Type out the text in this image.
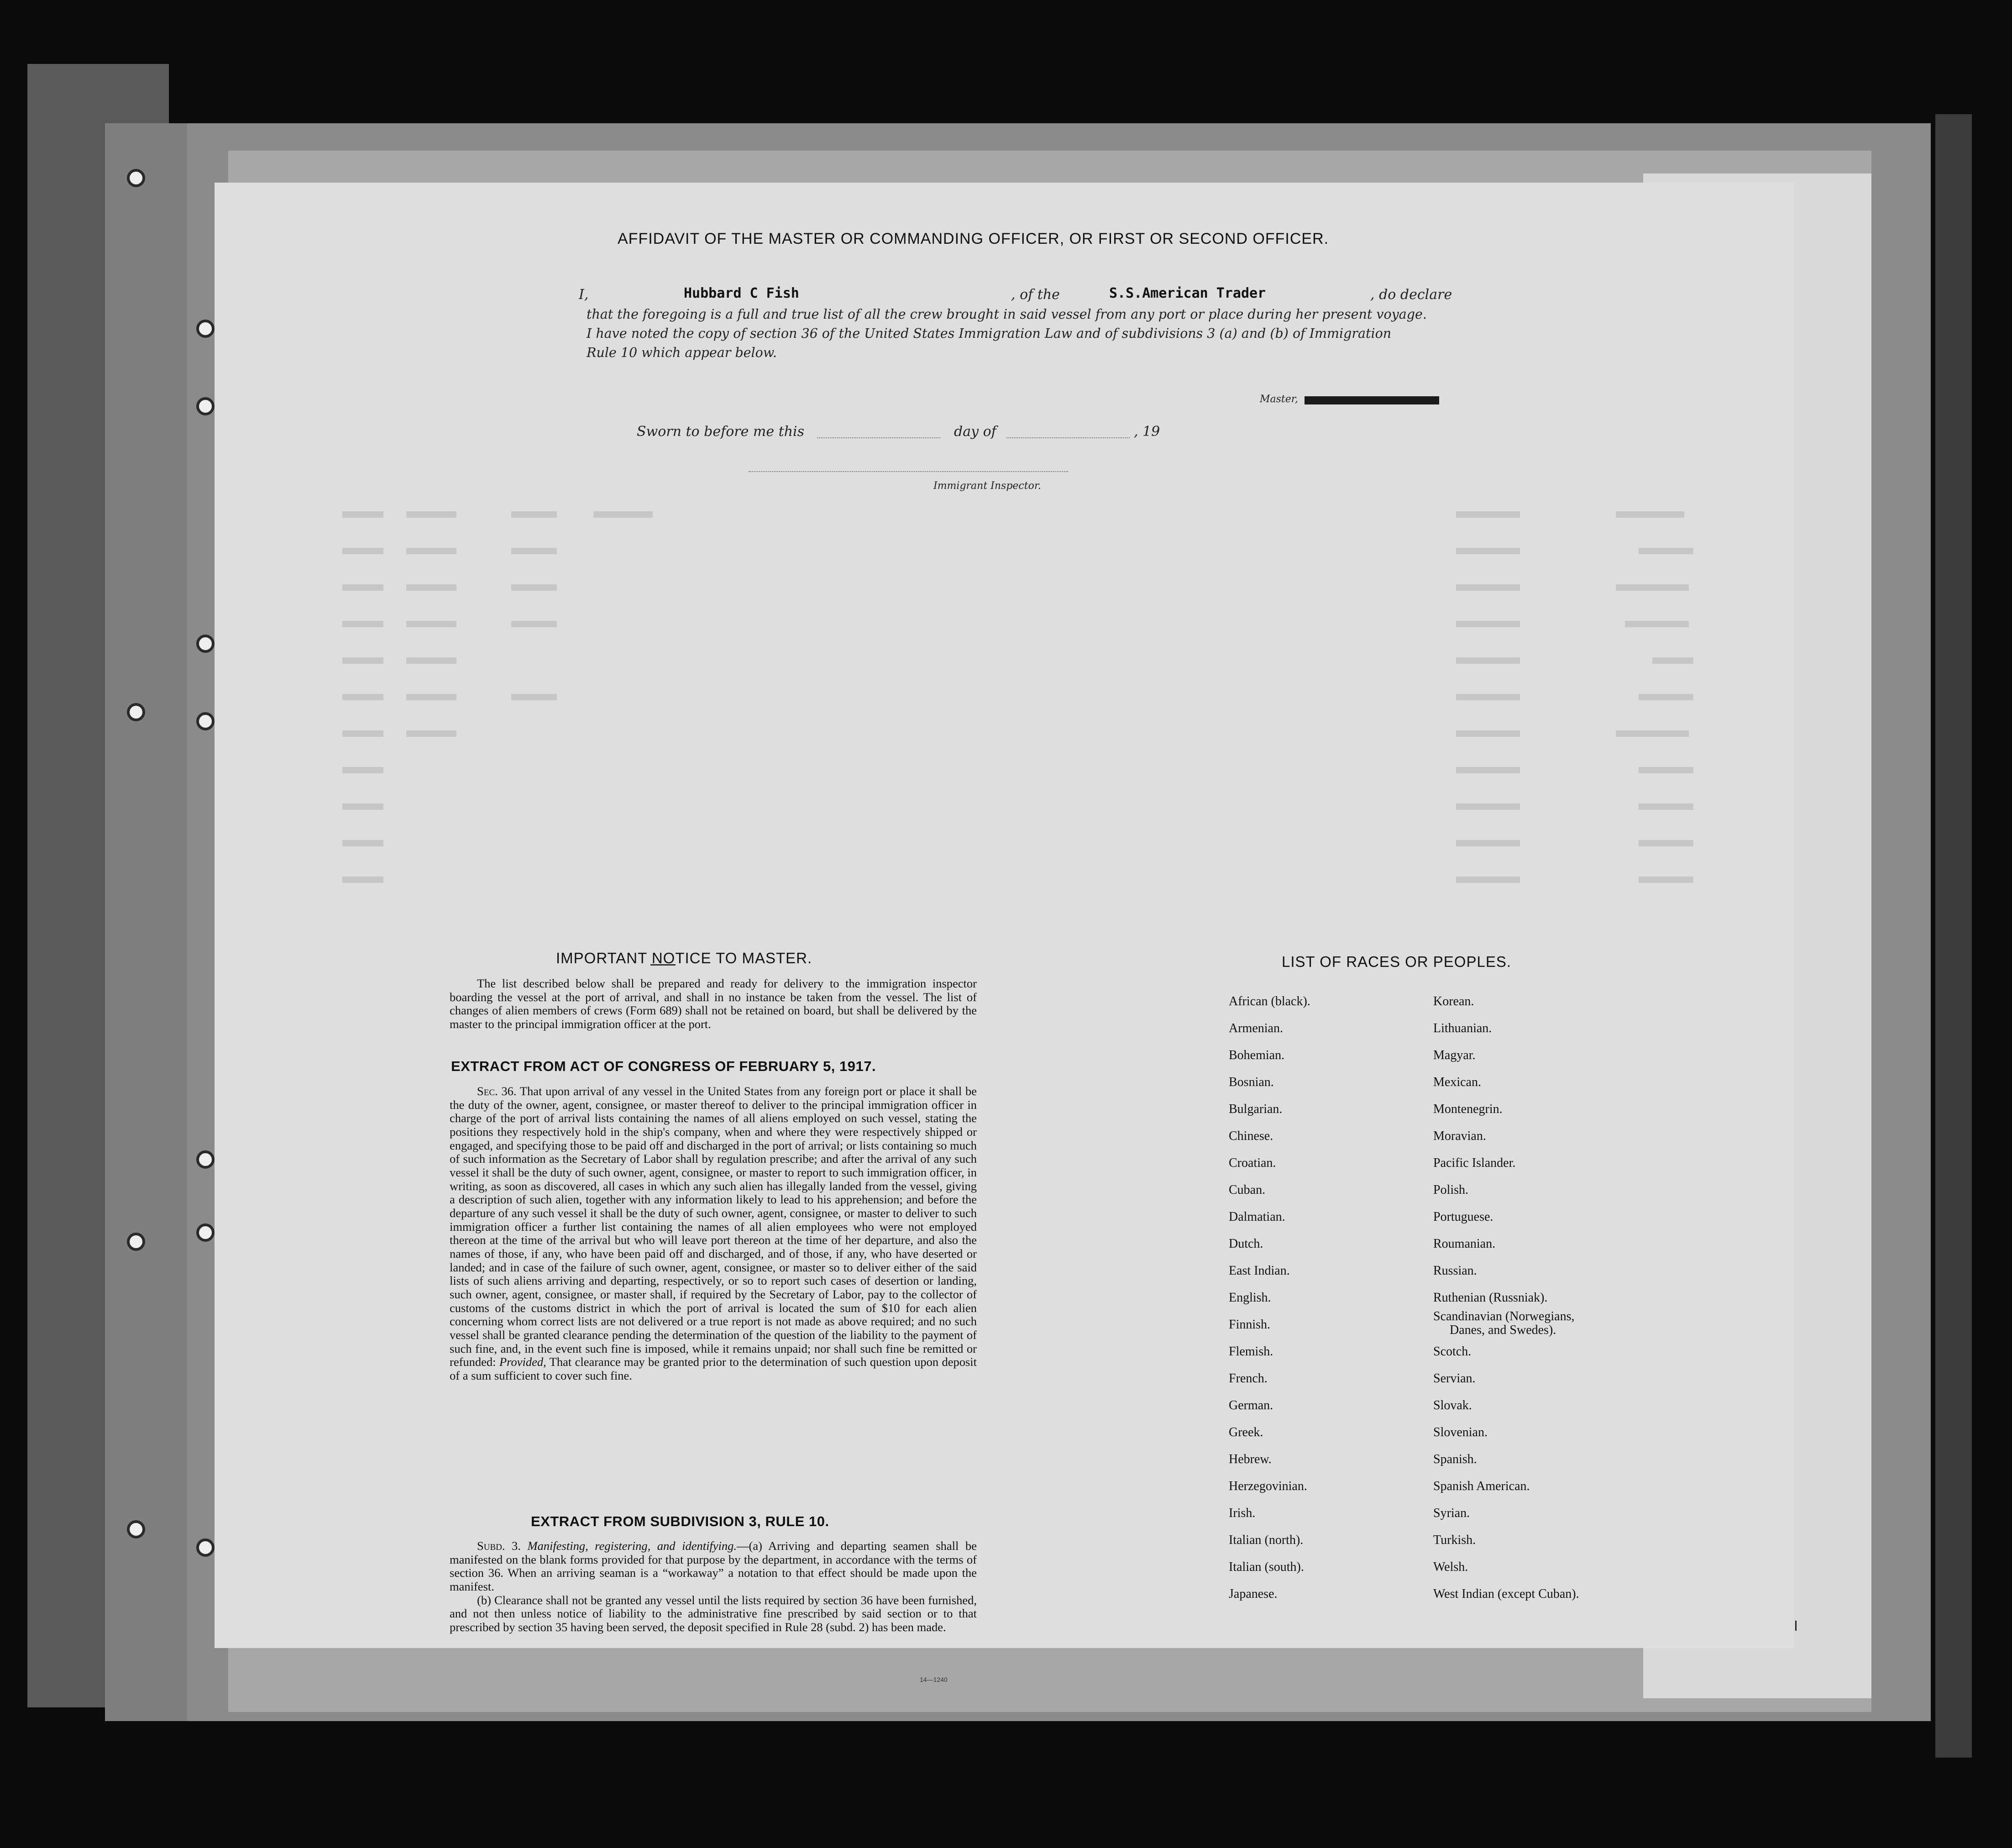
AFFIDAVIT OF THE MASTER OR COMMANDING OFFICER, OR FIRST OR SECOND OFFICER.
I,	Hubbard C Fish	, of the	S.S.American Trader	, do declare
that the foregoing is a full and true list of all the crew brought in said vessel from any port or place during her present voyage.
I have noted the copy of section 36 of the United States Immigration Law and of subdivisions 3 (a) and (b) of Immigration
Rule 10 which appear below.
Master,
Sworn to before me this	day of	, 19
Immigrant Inspector.
IMPORTANT NOTICE TO MASTER.

The list described below shall be prepared and ready for delivery to the immigration inspector boarding the vessel at the port of arrival, and shall in no instance be taken from the vessel. The list of changes of alien members of crews (Form 689) shall not be retained on board, but shall be delivered by the master to the principal immigration officer at the port.

EXTRACT FROM ACT OF CONGRESS OF FEBRUARY 5, 1917.

Sec. 36. That upon arrival of any vessel in the United States from any foreign port or place it shall be the duty of the owner, agent, consignee, or master thereof to deliver to the principal immigration officer in charge of the port of arrival lists containing the names of all aliens employed on such vessel, stating the positions they respectively hold in the ship's company, when and where they were respectively shipped or engaged, and specifying those to be paid off and discharged in the port of arrival; or lists containing so much of such information as the Secretary of Labor shall by regulation prescribe; and after the arrival of any such vessel it shall be the duty of such owner, agent, consignee, or master to report to such immigration officer, in writing, as soon as discovered, all cases in which any such alien has illegally landed from the vessel, giving a description of such alien, together with any information likely to lead to his apprehension; and before the departure of any such vessel it shall be the duty of such owner, agent, consignee, or master to deliver to such immigration officer a further list containing the names of all alien employees who were not employed thereon at the time of the arrival but who will leave port thereon at the time of her departure, and also the names of those, if any, who have been paid off and discharged, and of those, if any, who have deserted or landed; and in case of the failure of such owner, agent, consignee, or master so to deliver either of the said lists of such aliens arriving and departing, respectively, or so to report such cases of desertion or landing, such owner, agent, consignee, or master shall, if required by the Secretary of Labor, pay to the collector of customs of the customs district in which the port of arrival is located the sum of $10 for each alien concerning whom correct lists are not delivered or a true report is not made as above required; and no such vessel shall be granted clearance pending the determination of the question of the liability to the payment of such fine, and, in the event such fine is imposed, while it remains unpaid; nor shall such fine be remitted or refunded: Provided, That clearance may be granted prior to the determination of such question upon deposit of a sum sufficient to cover such fine.

EXTRACT FROM SUBDIVISION 3, RULE 10.

Subd. 3. Manifesting, registering, and identifying.—(a) Arriving and departing seamen shall be manifested on the blank forms provided for that purpose by the department, in accordance with the terms of section 36. When an arriving seaman is a “workaway” a notation to that effect should be made upon the manifest.

(b) Clearance shall not be granted any vessel until the lists required by section 36 have been furnished, and not then unless notice of liability to the administrative fine prescribed by said section or to that prescribed by section 35 having been served, the deposit specified in Rule 28 (subd. 2) has been made.

14—1240
LIST OF RACES OR PEOPLES.
African (black).
Armenian.
Bohemian.
Bosnian.
Bulgarian.
Chinese.
Croatian.
Cuban.
Dalmatian.
Dutch.
East Indian.
English.
Finnish.
Flemish.
French.
German.
Greek.
Hebrew.
Herzegovinian.
Irish.
Italian (north).
Italian (south).
Japanese.
Korean.
Lithuanian.
Magyar.
Mexican.
Montenegrin.
Moravian.
Pacific Islander.
Polish.
Portuguese.
Roumanian.
Russian.
Ruthenian (Russniak).
Scandinavian (Norwegians,
Danes, and Swedes).
Scotch.
Servian.
Slovak.
Slovenian.
Spanish.
Spanish American.
Syrian.
Turkish.
Welsh.
West Indian (except Cuban).
